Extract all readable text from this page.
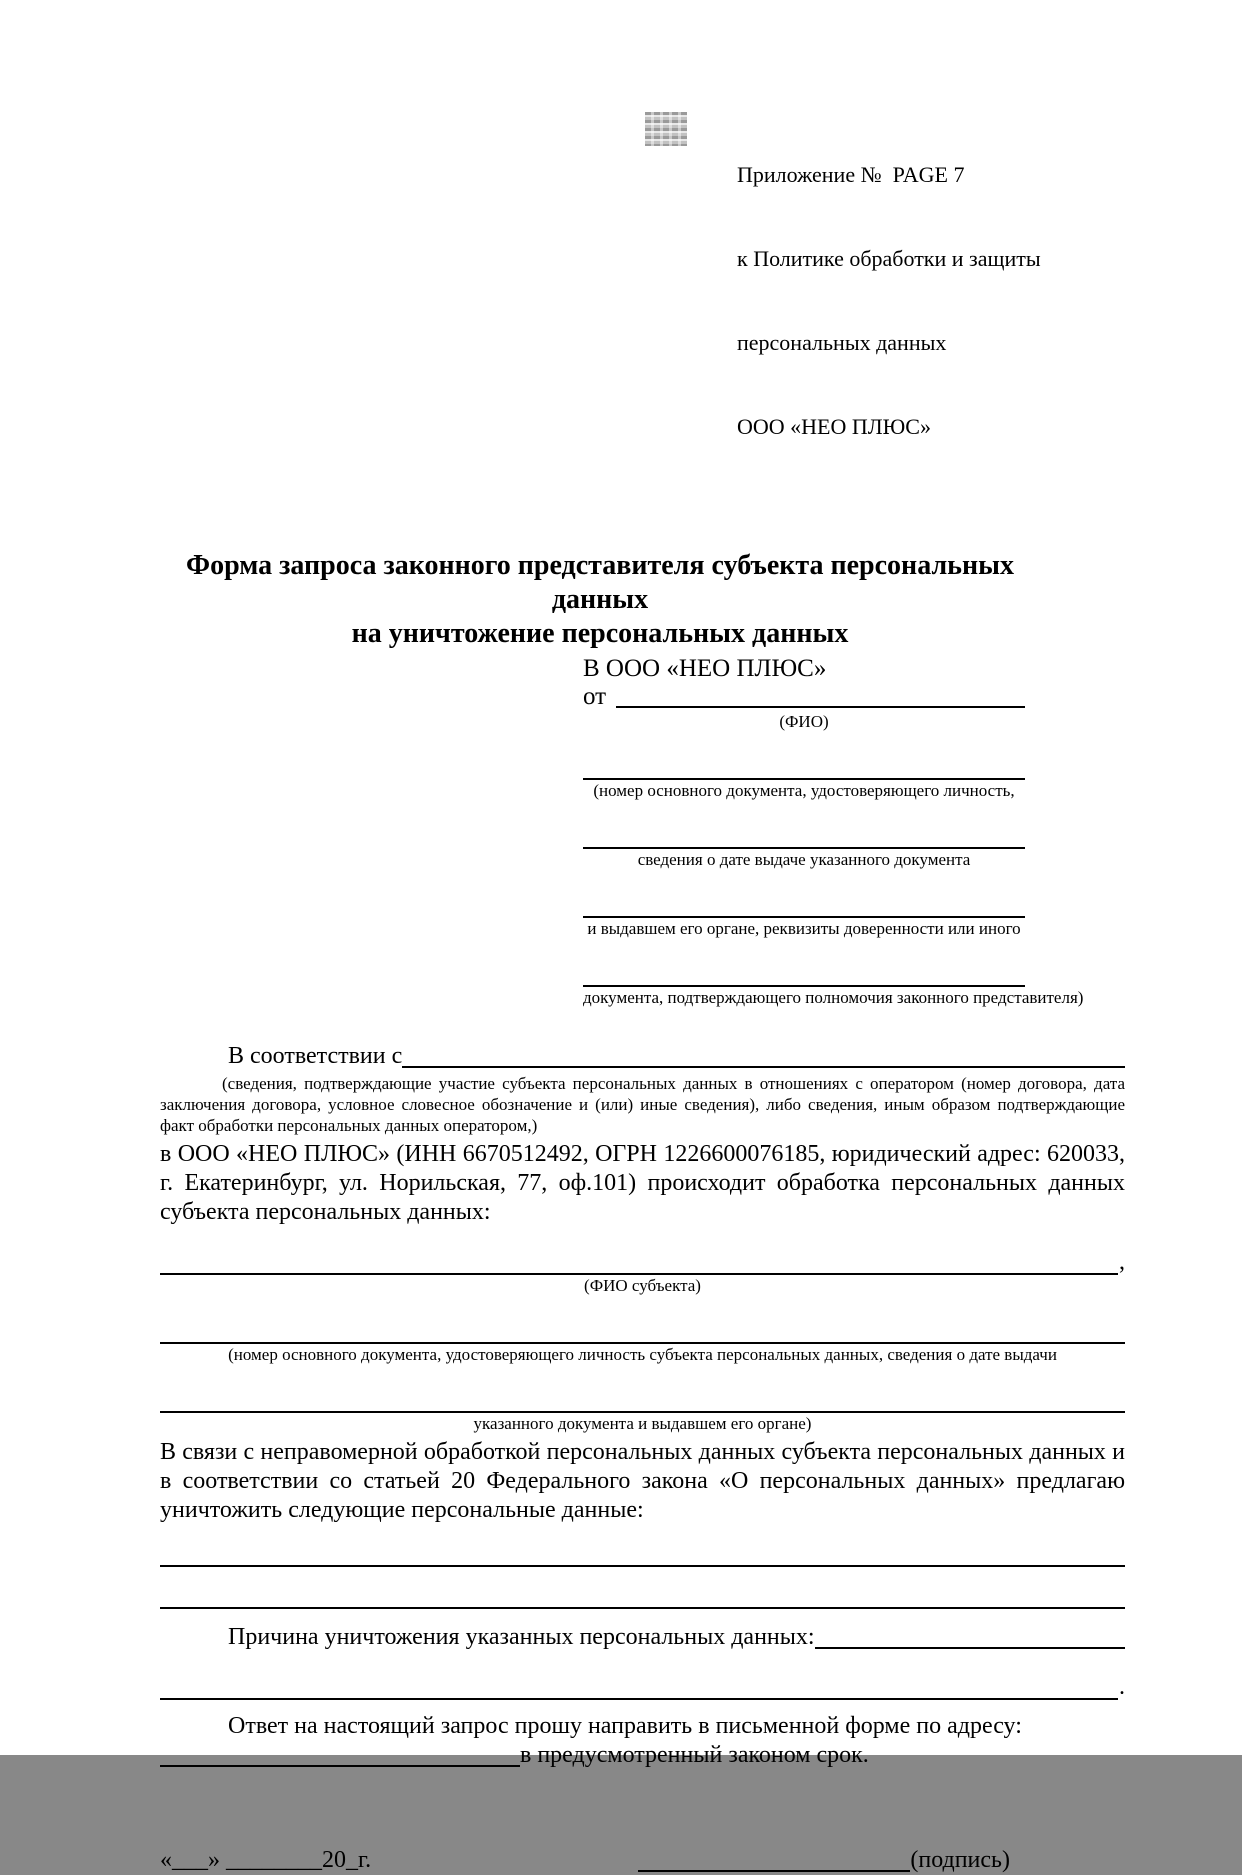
Приложение №  PAGE 7

к Политике обработки и защиты

персональных данных

ООО «НЕО ПЛЮС»

Форма запроса законного представителя субъекта персональных данных
на уничтожение персональных данных
В ООО «НЕО ПЛЮС»
от
(ФИО)
(номер основного документа, удостоверяющего личность,
сведения о дате выдаче указанного документа
и выдавшем его органе, реквизиты доверенности или иного
документа, подтверждающего полномочия законного представителя)
В соответствии с

(сведения, подтверждающие участие субъекта персональных данных в отношениях с оператором (номер договора, дата заключения договора, условное словесное обозначение и (или) иные сведения), либо сведения, иным образом подтверждающие факт обработки персональных данных оператором,)

в ООО «НЕО ПЛЮС» (ИНН 6670512492, ОГРН 1226600076185, юридический адрес: 620033, г. Екатеринбург, ул. Норильская, 77, оф.101) происходит обработка персональных данных субъекта персональных данных:

,
(ФИО субъекта)
(номер основного документа, удостоверяющего личность субъекта персональных данных, сведения о дате выдачи
указанного документа и выдавшем его органе)

В связи с неправомерной обработкой персональных данных субъекта персональных данных и в соответствии со статьей 20 Федерального закона «О персональных данных» предлагаю уничтожить следующие персональные данные:

Причина уничтожения указанных персональных данных:
.
Ответ на настоящий запрос прошу направить в письменной форме по адресу:
в предусмотренный законом срок.
«___» ________20_г.	(подпись)
